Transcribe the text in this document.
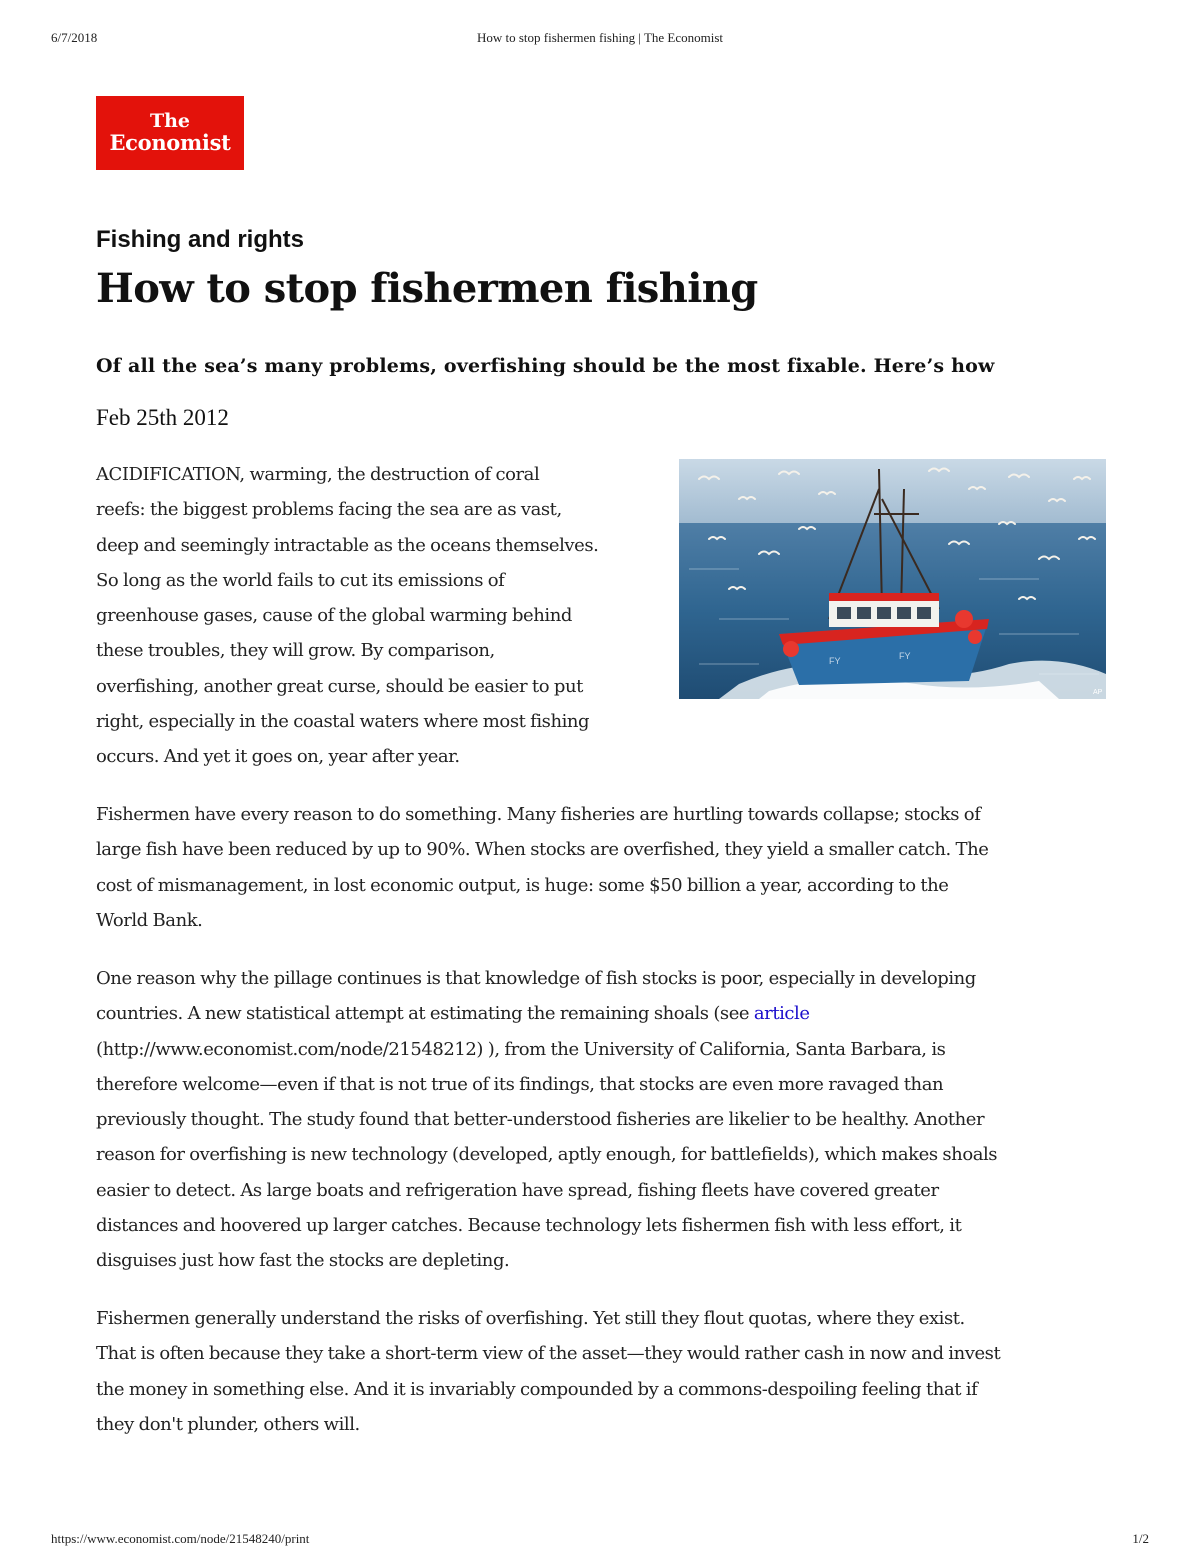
6/7/2018	How to stop fishermen fishing | The Economist
The
Economist
Fishing and rights
How to stop fishermen fishing
Of all the sea’s many problems, overfishing should be the most fixable. Here’s how
Feb 25th 2012
FY	FY
AP
ACIDIFICATION, warming, the destruction of coral
reefs: the biggest problems facing the sea are as vast,
deep and seemingly intractable as the oceans themselves.
So long as the world fails to cut its emissions of
greenhouse gases, cause of the global warming behind
these troubles, they will grow. By comparison,
overfishing, another great curse, should be easier to put
right, especially in the coastal waters where most fishing
occurs. And yet it goes on, year after year.
Fishermen have every reason to do something. Many fisheries are hurtling towards collapse; stocks of
large fish have been reduced by up to 90%. When stocks are overfished, they yield a smaller catch. The
cost of mismanagement, in lost economic output, is huge: some $50 billion a year, according to the
World Bank.
One reason why the pillage continues is that knowledge of fish stocks is poor, especially in developing
countries. A new statistical attempt at estimating the remaining shoals (see article
(http://www.economist.com/node/21548212) ), from the University of California, Santa Barbara, is
therefore welcome—even if that is not true of its findings, that stocks are even more ravaged than
previously thought. The study found that better-understood fisheries are likelier to be healthy. Another
reason for overfishing is new technology (developed, aptly enough, for battlefields), which makes shoals
easier to detect. As large boats and refrigeration have spread, fishing fleets have covered greater
distances and hoovered up larger catches. Because technology lets fishermen fish with less effort, it
disguises just how fast the stocks are depleting.
Fishermen generally understand the risks of overfishing. Yet still they flout quotas, where they exist.
That is often because they take a short-term view of the asset—they would rather cash in now and invest
the money in something else. And it is invariably compounded by a commons-despoiling feeling that if
they don't plunder, others will.
https://www.economist.com/node/21548240/print	1/2
